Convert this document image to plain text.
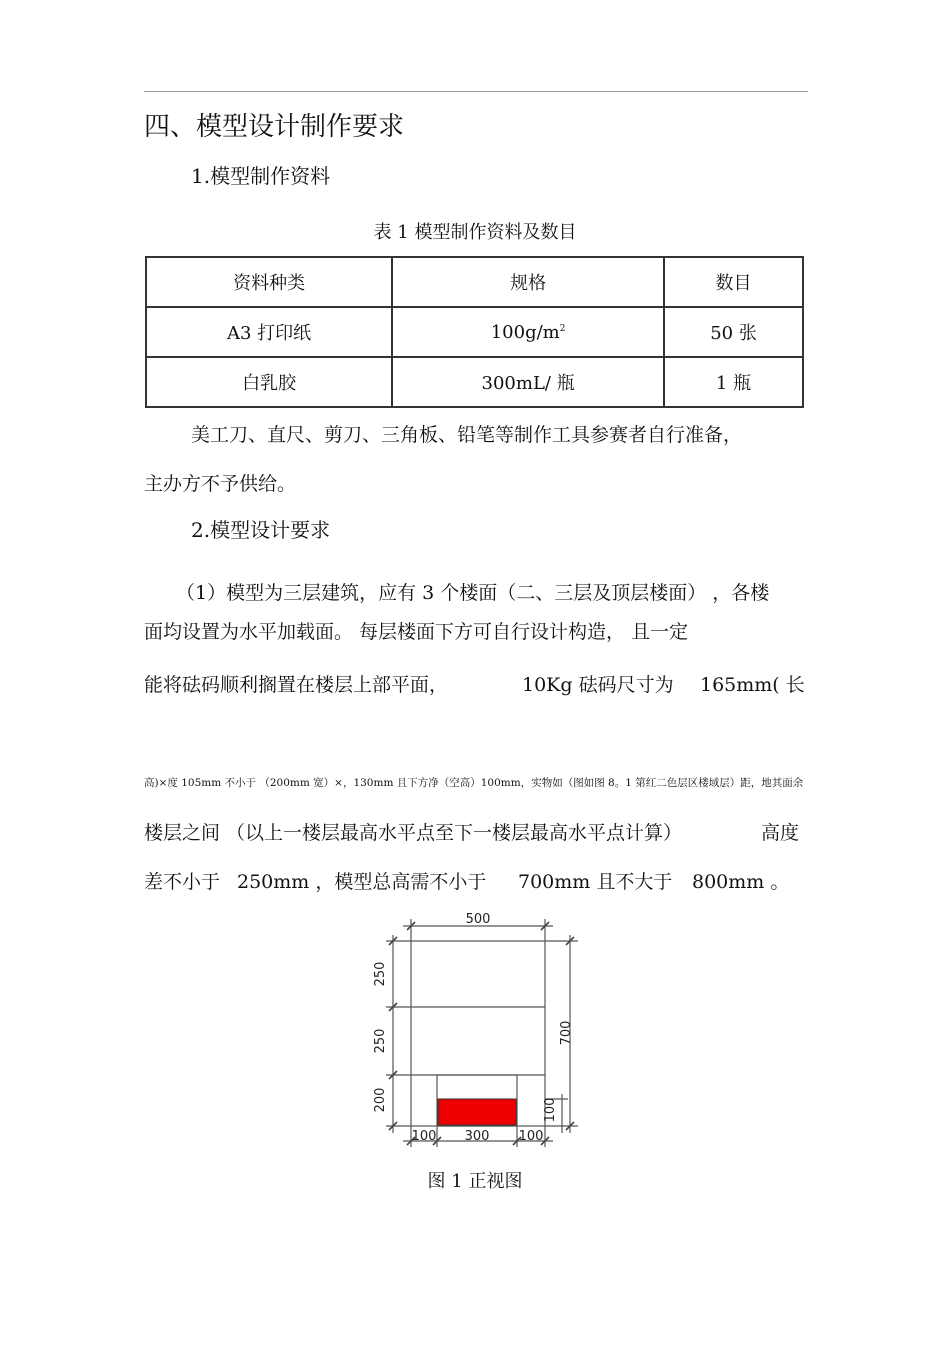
四、模型设计制作要求
1.模型制作资料
表 1 模型制作资料及数目
资料种类	规格	数目
A3 打印纸	$100g/m^2$	50 张
白乳胶	300mL/ 瓶	1 瓶
美工刀、直尺、剪刀、三角板、铅笔等制作工具参赛者自行准备，
主办方不予供给。
2.模型设计要求
（1）模型为三层建筑，应有 3 个楼面（二、三层及顶层楼面） ，各楼
面均设置为水平加载面。 每层楼面下方可自行设计构造， 且一定
能将砝码顺利搁置在楼层上部平面，	10Kg 砝码尺寸为 165mm( 长
高)×度 105mm 不小于 （200mm 宽）×，130mm 且下方净（空高）100mm，实物如（图如图 8。1 第红二色层区楼域层）距，地其面余
楼层之间 （以上一楼层最高水平点至下一楼层最高水平点计算）	高度
差不小于 250mm ，模型总高需不小于 700mm 且不大于 800mm 。
500
250
250
200
700
100
100 300 100
图 1 正视图
